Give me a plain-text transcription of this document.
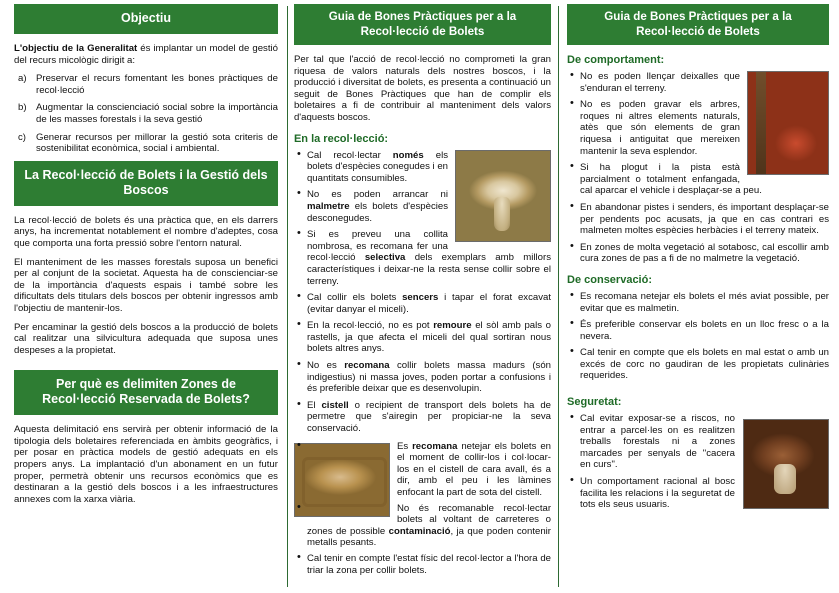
Objectiu

L'objectiu de la Generalitat és implantar un model de gestió del recurs micològic dirigit a:

a) Preservar el recurs fomentant les bones pràctiques de recol·lecció
b) Augmentar la conscienciació social sobre la importància de les masses forestals i la seva gestió
c) Generar recursos per millorar la gestió sota criteris de sostenibilitat econòmica, social i ambiental.
La Recol·lecció de Bolets i la Gestió dels Boscos

La recol·lecció de bolets és una pràctica que, en els darrers anys, ha incrementat notablement el nombre d'adeptes, cosa que comporta una forta pressió sobre l'entorn natural.

El manteniment de les masses forestals suposa un benefici per al conjunt de la societat. Aquesta ha de conscienciar-se de la importància d'aquests espais i també sobre les dificultats dels titulars dels boscos per obtenir ingressos amb l'objectiu de mantenir-los.

Per encaminar la gestió dels boscos a la producció de bolets cal realitzar una silvicultura adequada que suposa unes despeses a la propietat.

Per què es delimiten Zones de Recol·lecció Reservada de Bolets?

Aquesta delimitació ens servirà per obtenir informació de la tipologia dels boletaires referenciada en àmbits geogràfics, i per posar en pràctica models de gestió adequats en els propers anys. La implantació d'un abonament en un futur proper, permetrà obtenir uns recursos econòmics que es destinaran a la gestió dels boscos i a les infraestructures annexes com la xarxa viària.

Guia de Bones Pràctiques per a la Recol·lecció de Bolets

Per tal que l'acció de recol·lecció no comprometi la gran riquesa de valors naturals dels nostres boscos, i la producció i diversitat de bolets, es presenta a continuació un seguit de Bones Pràctiques que han de complir els boletaires a fi de contribuir al manteniment dels valors d'aquests boscos.

En la recol·lecció:
• Cal recol·lectar només els bolets d'espècies conegudes i en quantitats consumibles.
• No es poden arrancar ni malmetre els bolets d'espècies desconegudes.
• Si es preveu una collita nombrosa, es recomana fer una recol·lecció selectiva dels exemplars amb millors característiques i deixar-ne la resta sense collir sobre el terreny.
• Cal collir els bolets sencers i tapar el forat excavat (evitar danyar el miceli).
• En la recol·lecció, no es pot remoure el sòl amb pals o rastells, ja que afecta el miceli del qual sortiran nous bolets altres anys.
• No es recomana collir bolets massa madurs (són indigestius) ni massa joves, poden portar a confusions i és preferible deixar que es desenvolupin.
• El cistell o recipient de transport dels bolets ha de permetre que s'airegin per propiciar-ne la seva conservació.
• Es recomana netejar els bolets en el moment de collir-los i col·locar-los en el cistell de cara avall, és a dir, amb el peu i les làmines enfocant la part de sota del cistell.
• No és recomanable recol·lectar bolets al voltant de carreteres o zones de possible contaminació, ja que poden contenir metalls pesants.
• Cal tenir en compte l'estat físic del recol·lector a l'hora de triar la zona per collir bolets.
Guia de Bones Pràctiques per a la Recol·lecció de Bolets
De comportament:
• No es poden llençar deixalles que s'enduran el terreny.
• No es poden gravar els arbres, roques ni altres elements naturals, atès que són elements de gran riquesa i antiguitat que mereixen mantenir la seva esplendor.
• Si ha plogut i la pista està parcialment o totalment enfangada, cal aparcar el vehicle i desplaçar-se a peu.
• En abandonar pistes i senders, és important desplaçar-se per pendents poc acusats, ja que en cas contrari es malmeten moltes espècies herbàcies i el terreny mateix.
• En zones de molta vegetació al sotabosc, cal escollir amb cura zones de pas a fi de no malmetre la vegetació.
De conservació:
• Es recomana netejar els bolets el més aviat possible, per evitar que es malmetin.
• És preferible conservar els bolets en un lloc fresc o a la nevera.
• Cal tenir en compte que els bolets en mal estat o amb un excés de corc no gaudiran de les propietats culinàries requerides.
Seguretat:
• Cal evitar exposar-se a riscos, no entrar a parcel·les on es realitzen treballs forestals ni a zones marcades per senyals de "cacera en curs".
• Un comportament racional al bosc facilita les relacions i la seguretat de tots els seus usuaris.
